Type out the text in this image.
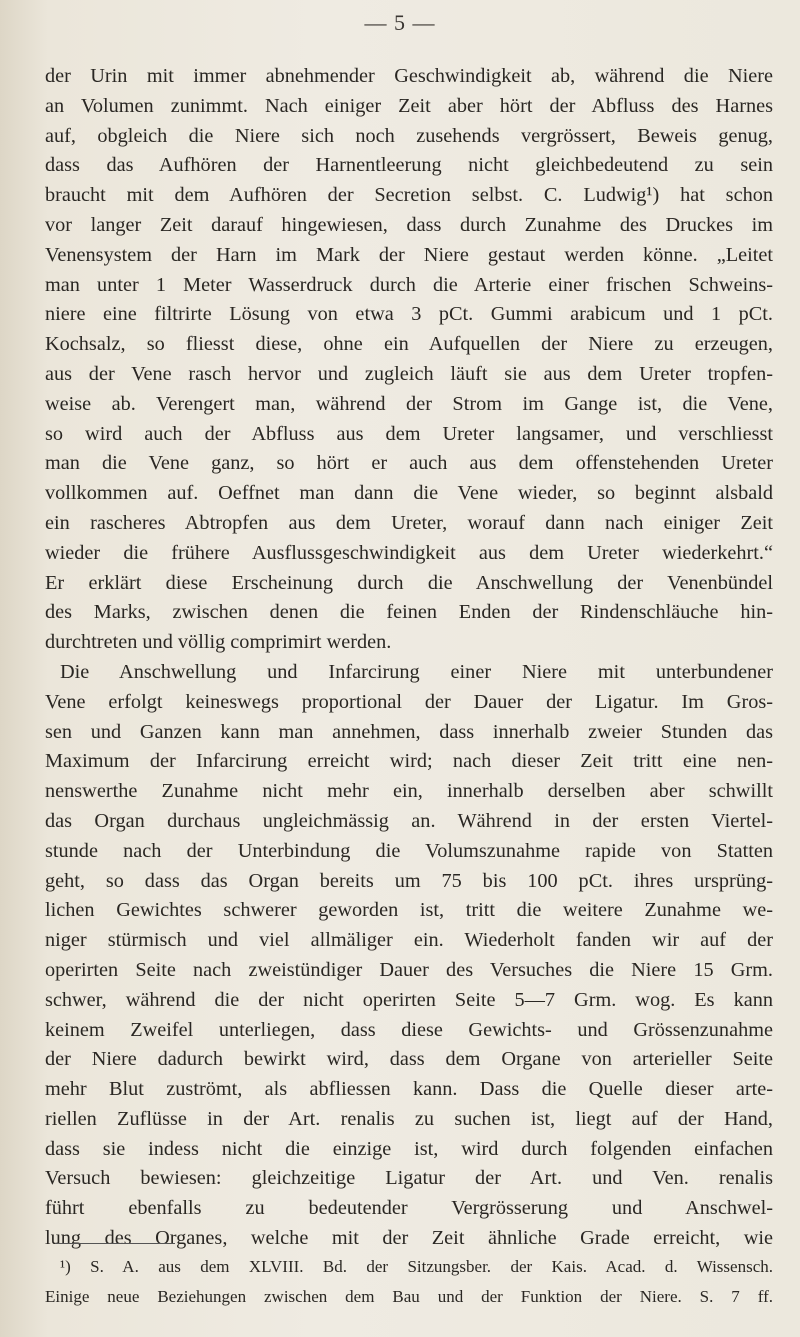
— 5 —
der Urin mit immer abnehmender Geschwindigkeit ab, während die Niere
an Volumen zunimmt. Nach einiger Zeit aber hört der Abfluss des Harnes
auf, obgleich die Niere sich noch zusehends vergrössert, Beweis genug,
dass das Aufhören der Harnentleerung nicht gleichbedeutend zu sein
braucht mit dem Aufhören der Secretion selbst. C. Ludwig¹) hat schon
vor langer Zeit darauf hingewiesen, dass durch Zunahme des Druckes im
Venensystem der Harn im Mark der Niere gestaut werden könne. „Leitet
man unter 1 Meter Wasserdruck durch die Arterie einer frischen Schweins-
niere eine filtrirte Lösung von etwa 3 pCt. Gummi arabicum und 1 pCt.
Kochsalz, so fliesst diese, ohne ein Aufquellen der Niere zu erzeugen,
aus der Vene rasch hervor und zugleich läuft sie aus dem Ureter tropfen-
weise ab. Verengert man, während der Strom im Gange ist, die Vene,
so wird auch der Abfluss aus dem Ureter langsamer, und verschliesst
man die Vene ganz, so hört er auch aus dem offenstehenden Ureter
vollkommen auf. Oeffnet man dann die Vene wieder, so beginnt alsbald
ein rascheres Abtropfen aus dem Ureter, worauf dann nach einiger Zeit
wieder die frühere Ausflussgeschwindigkeit aus dem Ureter wiederkehrt.“
Er erklärt diese Erscheinung durch die Anschwellung der Venenbündel
des Marks, zwischen denen die feinen Enden der Rindenschläuche hin-
durchtreten und völlig comprimirt werden.
Die Anschwellung und Infarcirung einer Niere mit unterbundener
Vene erfolgt keineswegs proportional der Dauer der Ligatur. Im Gros-
sen und Ganzen kann man annehmen, dass innerhalb zweier Stunden das
Maximum der Infarcirung erreicht wird; nach dieser Zeit tritt eine nen-
nenswerthe Zunahme nicht mehr ein, innerhalb derselben aber schwillt
das Organ durchaus ungleichmässig an. Während in der ersten Viertel-
stunde nach der Unterbindung die Volumszunahme rapide von Statten
geht, so dass das Organ bereits um 75 bis 100 pCt. ihres ursprüng-
lichen Gewichtes schwerer geworden ist, tritt die weitere Zunahme we-
niger stürmisch und viel allmäliger ein. Wiederholt fanden wir auf der
operirten Seite nach zweistündiger Dauer des Versuches die Niere 15 Grm.
schwer, während die der nicht operirten Seite 5—7 Grm. wog. Es kann
keinem Zweifel unterliegen, dass diese Gewichts- und Grössenzunahme
der Niere dadurch bewirkt wird, dass dem Organe von arterieller Seite
mehr Blut zuströmt, als abfliessen kann. Dass die Quelle dieser arte-
riellen Zuflüsse in der Art. renalis zu suchen ist, liegt auf der Hand,
dass sie indess nicht die einzige ist, wird durch folgenden einfachen
Versuch bewiesen: gleichzeitige Ligatur der Art. und Ven. renalis
führt ebenfalls zu bedeutender Vergrösserung und Anschwel-
lung des Organes, welche mit der Zeit ähnliche Grade erreicht, wie
¹) S. A. aus dem XLVIII. Bd. der Sitzungsber. der Kais. Acad. d. Wissensch.
Einige neue Beziehungen zwischen dem Bau und der Funktion der Niere. S. 7 ff.
